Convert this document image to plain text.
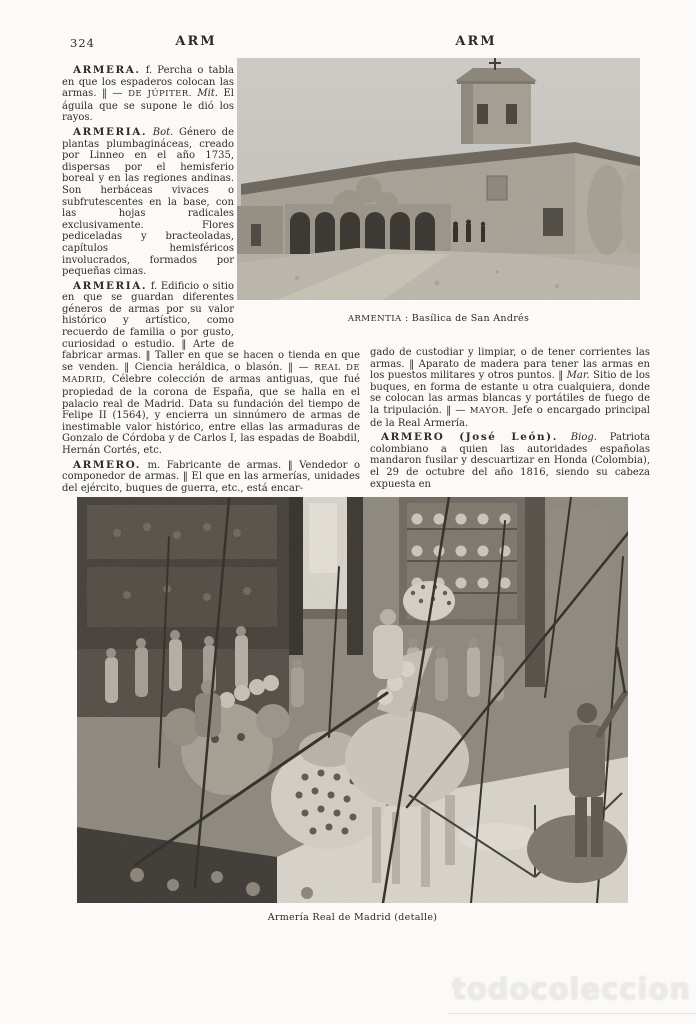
324	ARM	ARM
ARMENTIA : Basílica de San Andrés

ARMERA. f. Percha o tabla en que los espaderos colocan las armas. ‖ — DE JÚPITER. Mit. El águila que se supone le dió los rayos.

ARMERIA. Bot. Género de plantas plumbagináceas, creado por Linneo en el año 1735, dispersas por el hemisferio boreal y en las regiones andinas. Son herbáceas vivaces o subfrutescentes en la base, con las hojas radicales exclusivamente. Flores pediceladas y bracteoladas, capítulos hemisféricos involucrados, formados por pequeñas cimas.

ARMERIA. f. Edificio o sitio en que se guardan diferentes géneros de armas por su valor histórico y artístico, como recuerdo de familia o por gusto, curiosidad o estudio. ‖ Arte de fabricar armas. ‖ Taller en que se hacen o tienda en que se venden. ‖ Ciencia heráldica, o blasón. ‖ — REAL DE MADRID, Célebre colección de armas antiguas, que fué propiedad de la corona de España, que se halla en el palacio real de Madrid. Data su fundación del tiempo de Felipe II (1564), y encierra un sinnúmero de armas de inestimable valor histórico, entre ellas las armaduras de Gonzalo de Córdoba y de Carlos I, las espadas de Boabdil, Hernán Cortés, etc.

ARMERO. m. Fabricante de armas. ‖ Vendedor o componedor de armas. ‖ El que en las armerías, unidades del ejército, buques de guerra, etc., está encar-

gado de custodiar y limpiar, o de tener corrientes las armas. ‖ Aparato de madera para tener las armas en los puestos militares y otros puntos. ‖ Mar. Sitio de los buques, en forma de estante u otra cualquiera, donde se colocan las armas blancas y portátiles de fuego de la tripulación. ‖ — MAYOR. Jefe o encargado principal de la Real Armería.

ARMERO (José León). Biog. Patriota colombiano a quien las autoridades españolas mandaron fusilar y descuartizar en Honda (Colombia), el 29 de octubre del año 1816, siendo su cabeza expuesta en

Armería Real de Madrid (detalle)
todocoleccion
